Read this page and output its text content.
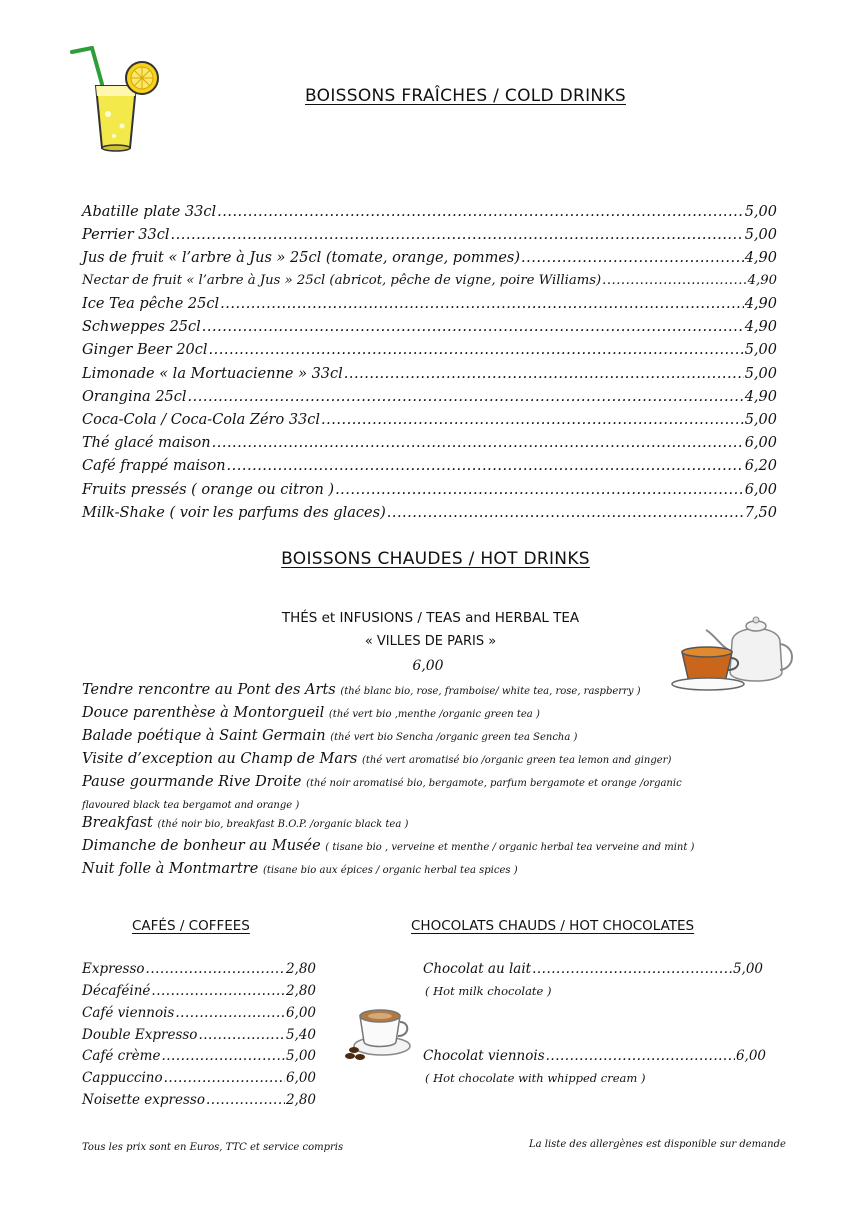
BOISSONS FRAÎCHES / COLD DRINKS
Abatille plate 33cl .....	5,00
Perrier 33cl .....	5,00
Jus de fruit « l’arbre à Jus » 25cl (tomate, orange, pommes) .....	4,90
Nectar de fruit « l’arbre à Jus » 25cl (abricot, pêche de vigne, poire Williams) .....	4,90
Ice Tea pêche 25cl .....	4,90
Schweppes 25cl .....	4,90
Ginger Beer 20cl .....	5,00
Limonade « la Mortuacienne » 33cl .....	5,00
Orangina 25cl .....	4,90
Coca-Cola / Coca-Cola Zéro 33cl .....	5,00
Thé glacé maison .....	6,00
Café frappé maison .....	6,20
Fruits pressés ( orange ou citron ) .....	6,00
Milk-Shake ( voir les parfums des glaces) .....	7,50
BOISSONS CHAUDES / HOT DRINKS
THÉS et INFUSIONS / TEAS and HERBAL TEA
« VILLES DE PARIS »
6,00
Tendre rencontre au Pont des Arts (thé blanc bio, rose, framboise/ white tea, rose, raspberry )
Douce parenthèse à Montorgueil (thé vert bio ,menthe /organic green tea )
Balade poétique à Saint Germain (thé vert bio Sencha /organic green tea Sencha )
Visite d’exception au Champ de Mars (thé vert aromatisé bio /organic green tea lemon and ginger)
Pause gourmande Rive Droite (thé noir aromatisé bio, bergamote, parfum bergamote et orange /organic
flavoured black tea bergamot and orange )
Breakfast (thé noir bio, breakfast B.O.P. /organic black tea )
Dimanche de bonheur au Musée ( tisane bio , verveine et menthe / organic herbal tea verveine and mint )
Nuit folle à Montmartre (tisane bio aux épices / organic herbal tea spices )
CAFÉS / COFFEES	CHOCOLATS CHAUDS / HOT CHOCOLATES
Expresso .....	2,80
Décaféiné .....	2,80
Café viennois .....	6,00
Double Expresso .....	5,40
Café crème .....	5,00
Cappuccino .....	6,00
Noisette expresso .....	2,80
Chocolat au lait .....	5,00
( Hot milk chocolate )
Chocolat viennois .....	6,00
( Hot chocolate with whipped cream )
Tous les prix sont en Euros, TTC et service compris	La liste des allergènes est disponible sur demande
